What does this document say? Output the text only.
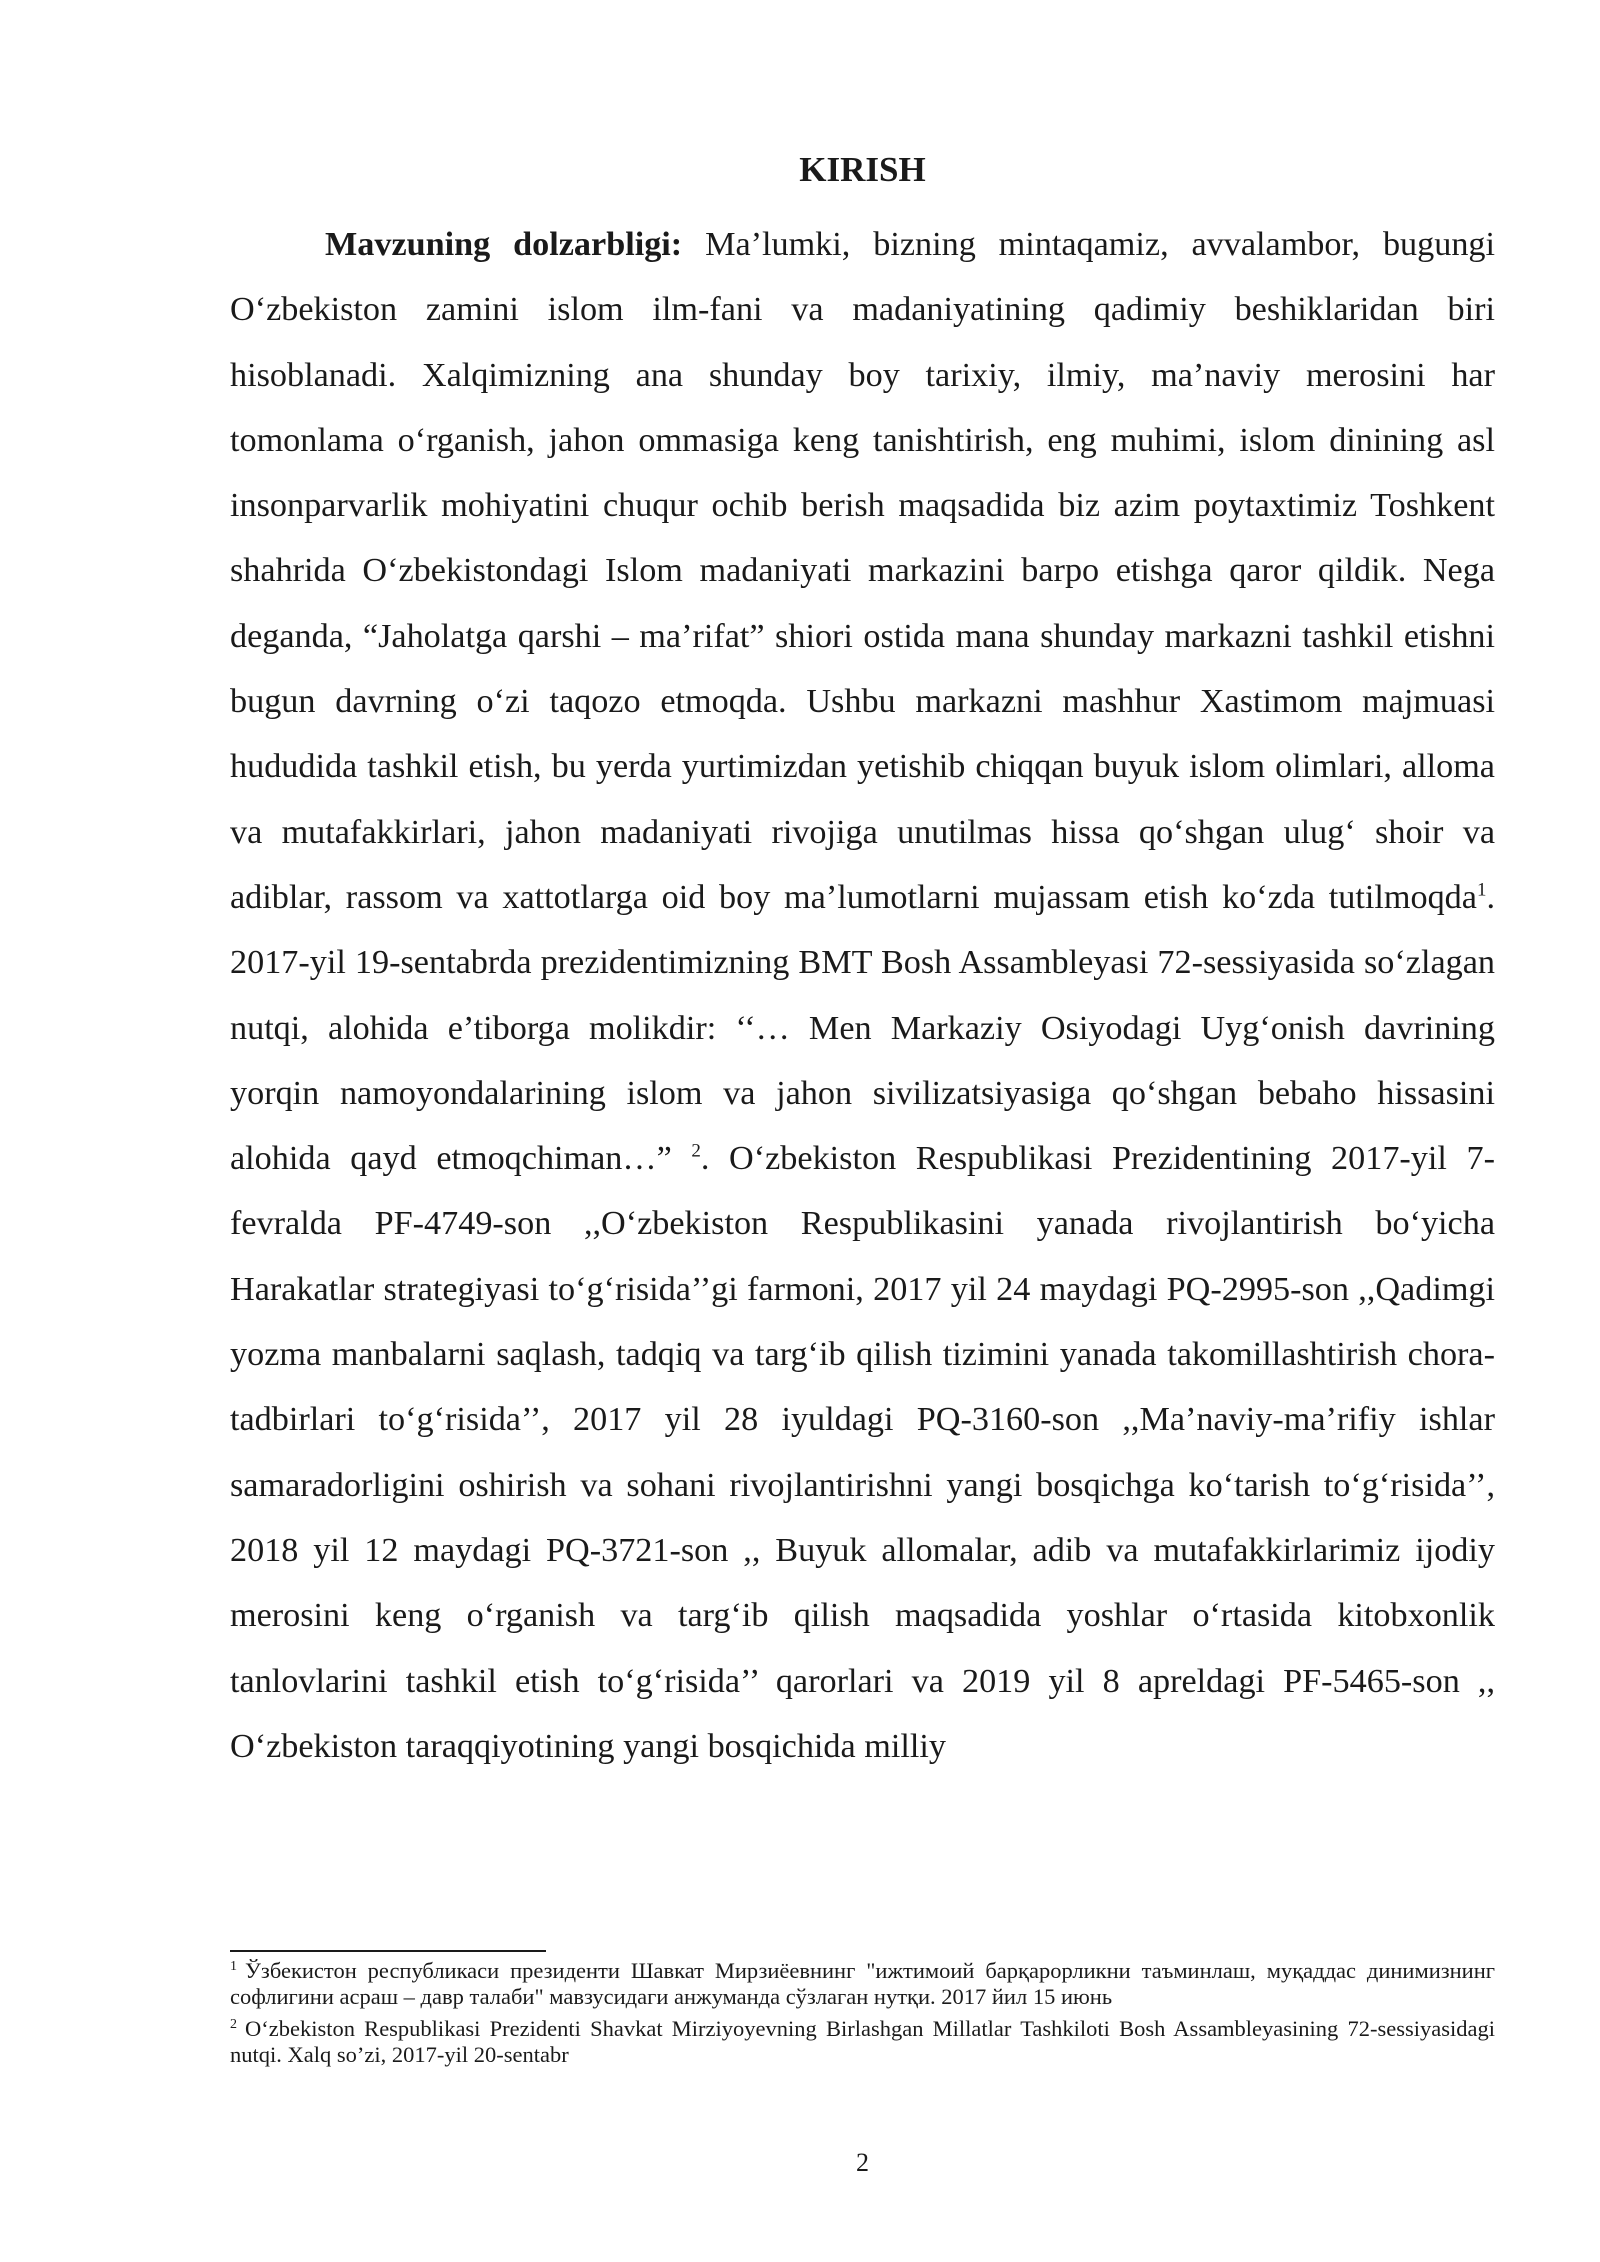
KIRISH

Mavzuning dolzarbligi: Ma’lumki, bizning mintaqamiz, avvalambor, bugungi O‘zbekiston zamini islom ilm-fani va madaniyatining qadimiy beshiklaridan biri hisoblanadi. Xalqimizning ana shunday boy tarixiy, ilmiy, ma’naviy merosini har tomonlama o‘rganish, jahon ommasiga keng tanishtirish, eng muhimi, islom dinining asl insonparvarlik mohiyatini chuqur ochib berish maqsadida biz azim poytaxtimiz Toshkent shahrida O‘zbekistondagi Islom madaniyati markazini barpo etishga qaror qildik. Nega deganda, “Jaholatga qarshi – ma’rifat” shiori ostida mana shunday markazni tashkil etishni bugun davrning o‘zi taqozo etmoqda. Ushbu markazni mashhur Xastimom majmuasi hududida tashkil etish, bu yerda yurtimizdan yetishib chiqqan buyuk islom olimlari, alloma va mutafakkirlari, jahon madaniyati rivojiga unutilmas hissa qo‘shgan ulug‘ shoir va adiblar, rassom va xattotlarga oid boy ma’lumotlarni mujassam etish ko‘zda tutilmoqda$^1$. 2017-yil 19-sentabrda prezidentimizning BMT Bosh Assambleyasi 72-sessiyasida so‘zlagan nutqi, alohida e’tiborga molikdir: ‘‘… Men Markaziy Osiyodagi Uyg‘onish davrining yorqin namoyondalarining islom va jahon sivilizatsiyasiga qo‘shgan bebaho hissasini alohida qayd etmoqchiman…” $^2$. O‘zbekiston Respublikasi Prezidentining 2017-yil 7-fevralda PF-4749-son ,,O‘zbekiston Respublikasini yanada rivojlantirish bo‘yicha Harakatlar strategiyasi to‘g‘risida’’gi farmoni, 2017 yil 24 maydagi PQ-2995-son ,,Qadimgi yozma manbalarni saqlash, tadqiq va targ‘ib qilish tizimini yanada takomillashtirish chora-tadbirlari to‘g‘risida’’, 2017 yil 28 iyuldagi PQ-3160-son ,,Ma’naviy-ma’rifiy ishlar samaradorligini oshirish va sohani rivojlantirishni yangi bosqichga ko‘tarish to‘g‘risida’’, 2018 yil 12 maydagi PQ-3721-son ,, Buyuk allomalar, adib va mutafakkirlarimiz ijodiy merosini keng o‘rganish va targ‘ib qilish maqsadida yoshlar o‘rtasida kitobxonlik tanlovlarini tashkil etish to‘g‘risida’’ qarorlari va 2019 yil 8 apreldagi PF-5465-son ,, O‘zbekiston taraqqiyotining yangi bosqichida milliy

$^1$ Ўзбекистон республикаси президенти Шавкат Мирзиёевнинг "ижтимоий барқарорликни таъминлаш, муқаддас динимизнинг софлигини асраш – давр талаби" мавзусидаги анжуманда сўзлаган нутқи. 2017 йил 15 июнь

$^2$ O‘zbekiston Respublikasi Prezidenti Shavkat Mirziyoyevning Birlashgan Millatlar Tashkiloti Bosh Assambleyasining 72-sessiyasidagi nutqi. Xalq so’zi, 2017-yil 20-sentabr

2
